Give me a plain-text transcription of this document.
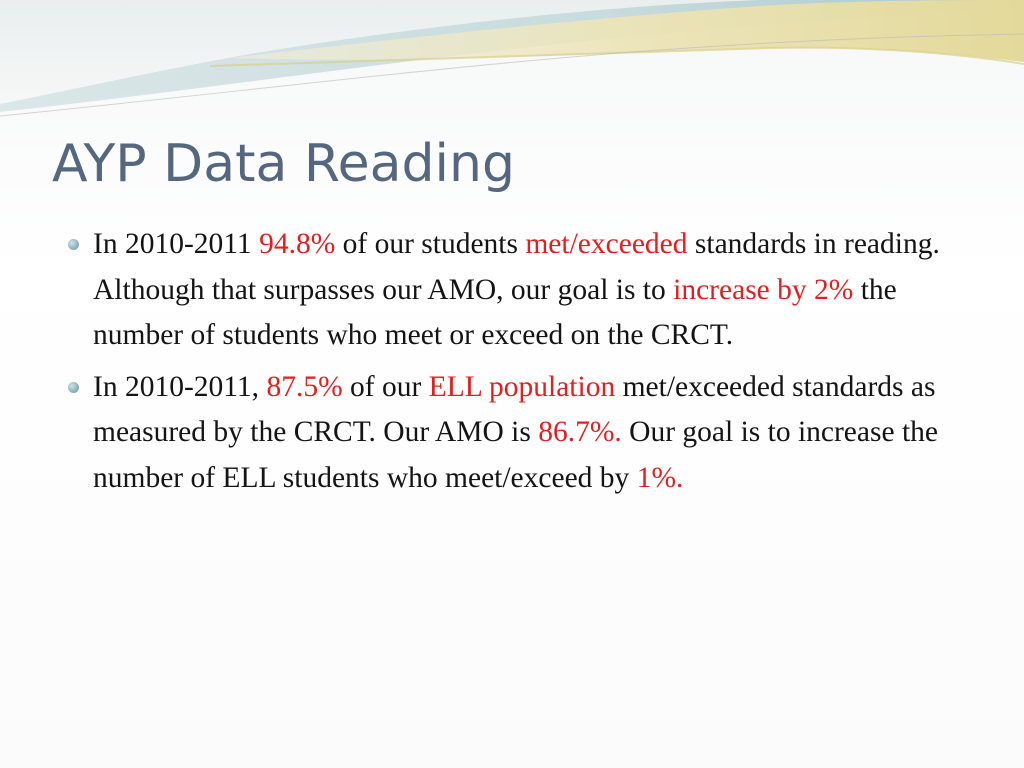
AYP Data Reading

In 2010-2011 94.8% of our students met/exceeded standards in reading. Although that surpasses our AMO, our goal is to increase by 2% the number of students who meet or exceed on the CRCT.

In 2010-2011, 87.5% of our ELL population met/exceeded standards as measured by the CRCT. Our AMO is 86.7%. Our goal is to increase the number of ELL students who meet/exceed by 1%.
